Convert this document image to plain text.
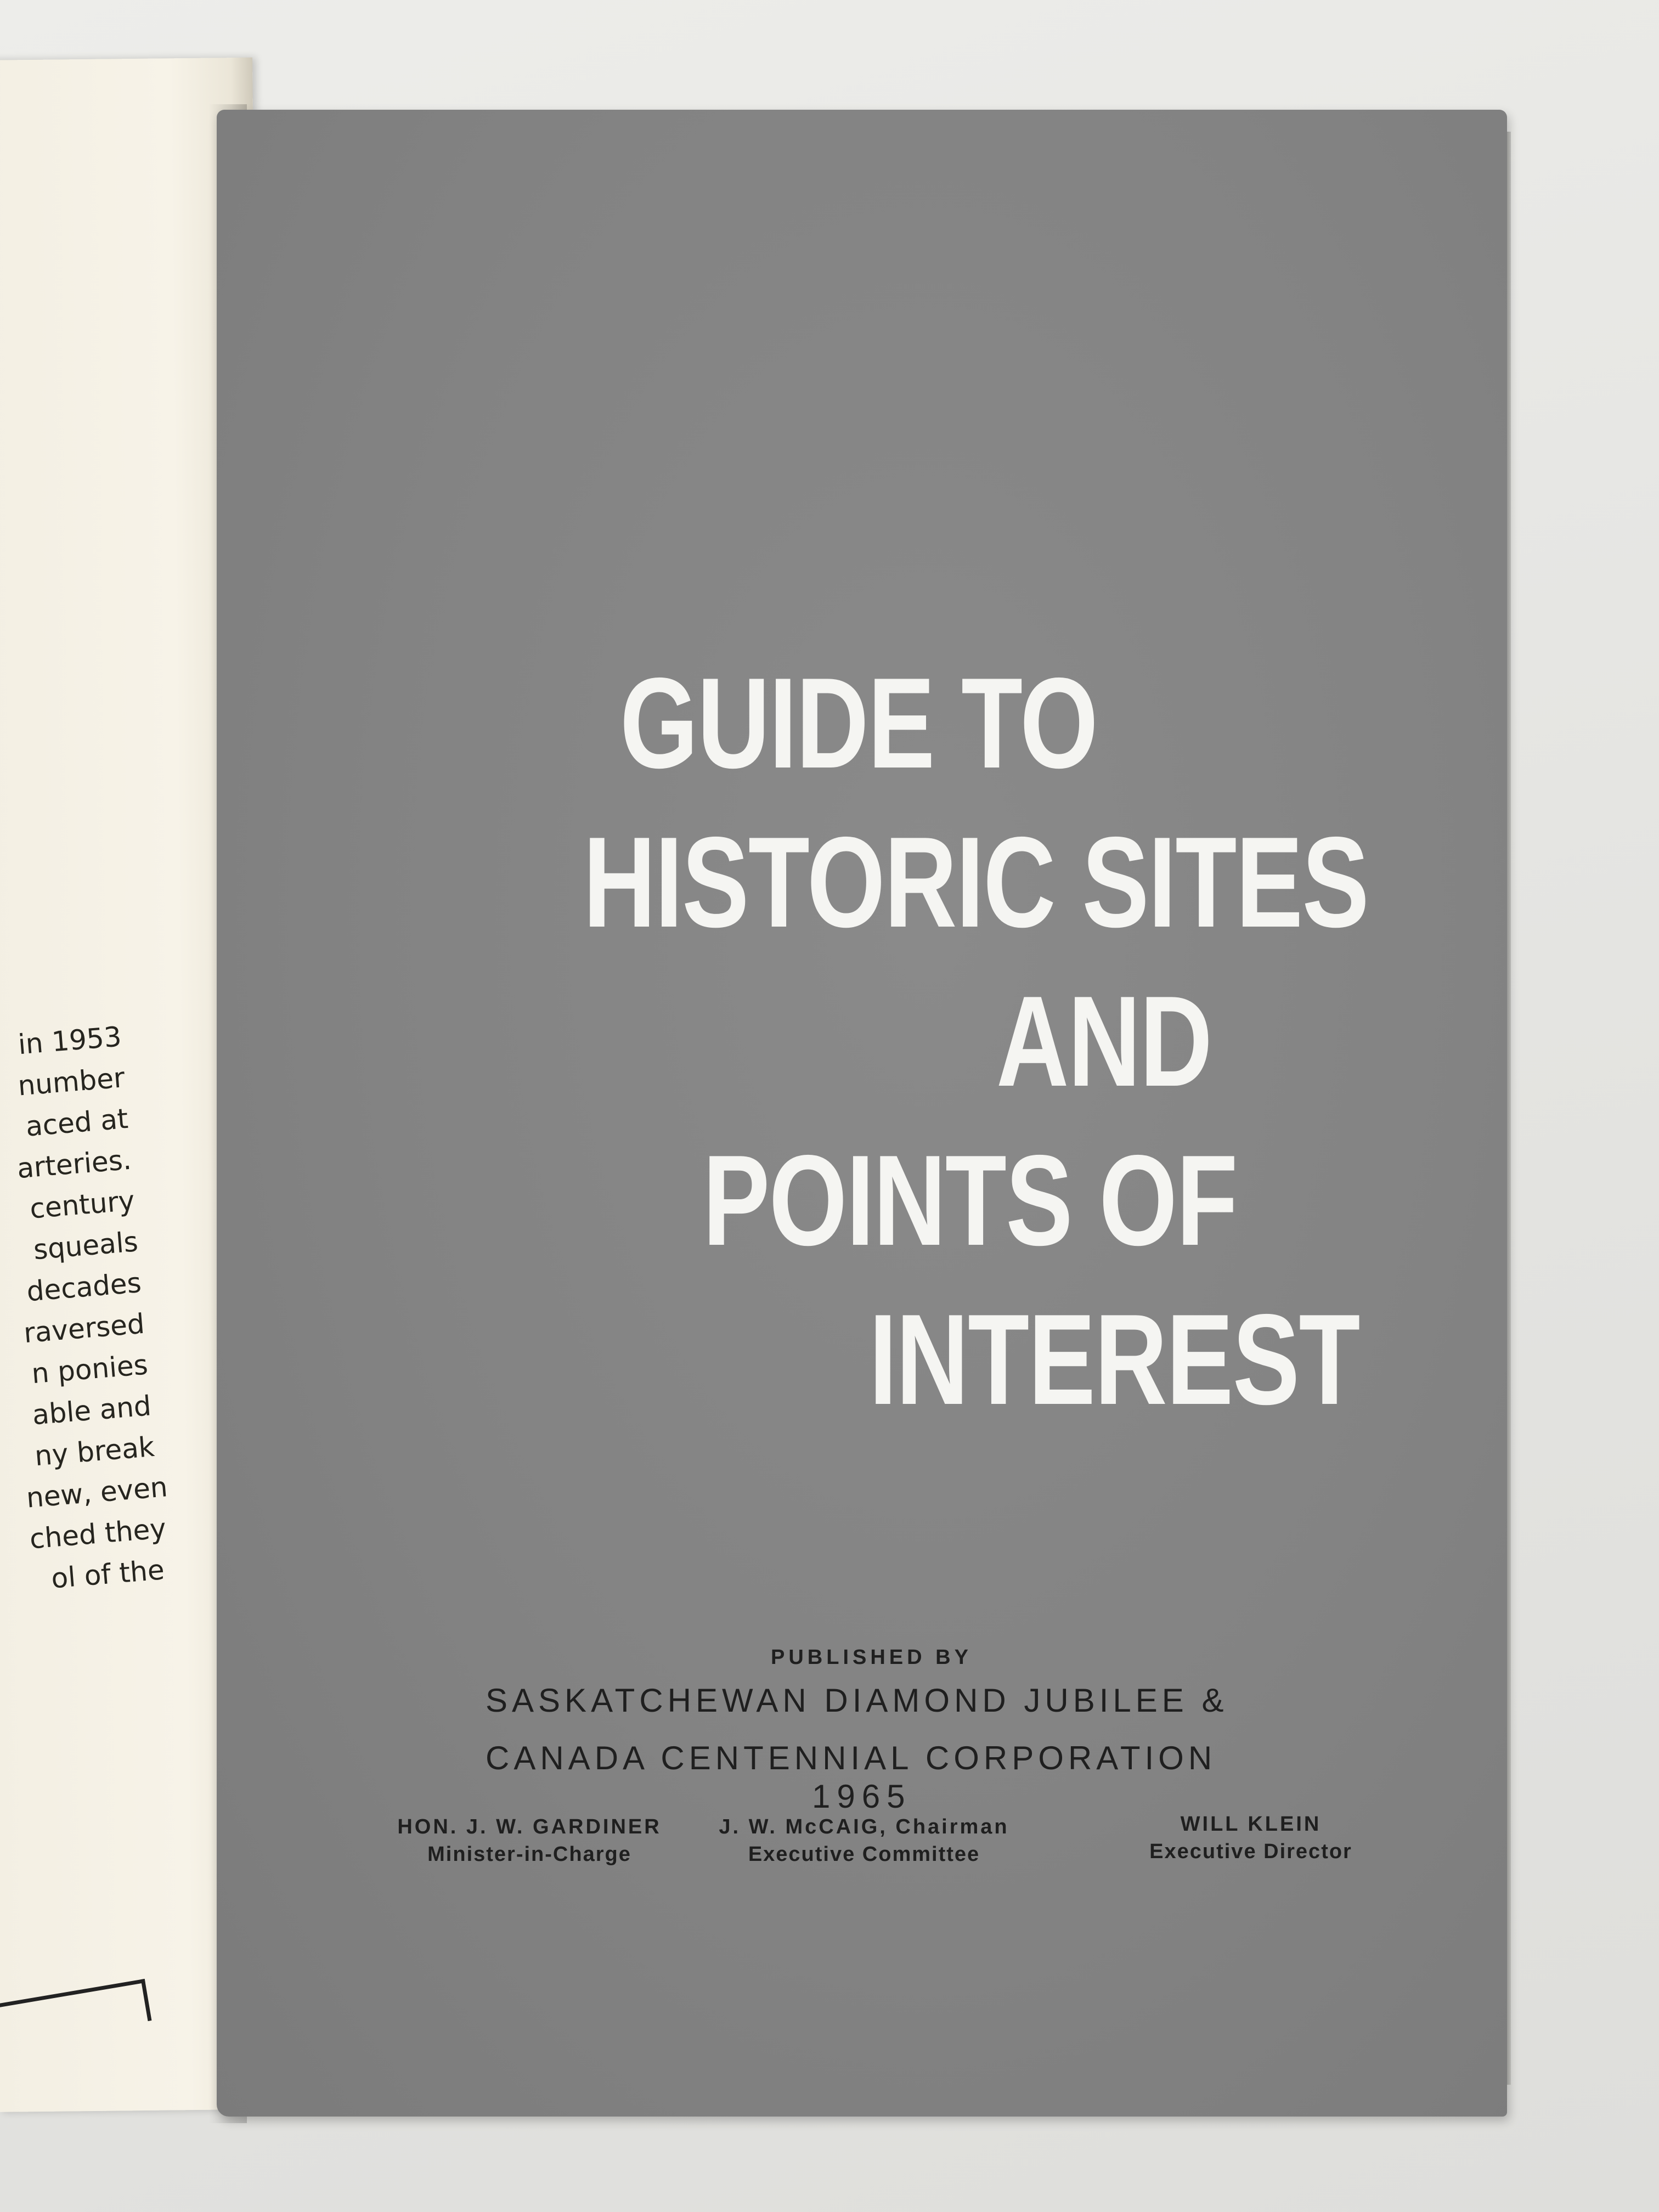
in 1953
number
aced at
arteries.
century
squeals
decades
raversed
n ponies
able and
ny break
new, even
ched they
ol of the
GUIDE TO
HISTORIC SITES
AND
POINTS OF
INTEREST
PUBLISHED BY
SASKATCHEWAN DIAMOND JUBILEE &
CANADA CENTENNIAL CORPORATION
1965
HON. J. W. GARDINER
Minister-in-Charge
J. W. McCAIG, Chairman
Executive Committee
WILL KLEIN
Executive Director
